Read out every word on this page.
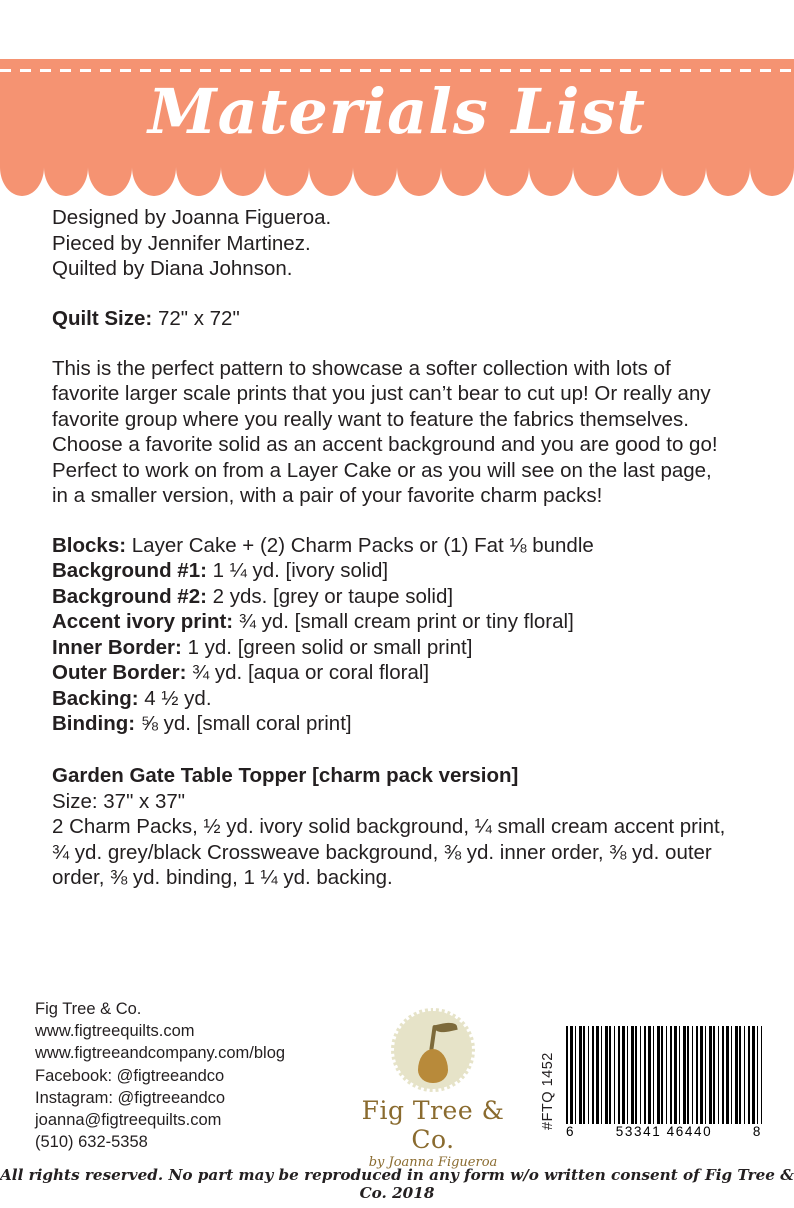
Materials List
Designed by Joanna Figueroa.
Pieced by Jennifer Martinez.
Quilted by Diana Johnson.
Quilt Size: 72" x 72"
This is the perfect pattern to showcase a softer collection with lots of favorite larger scale prints that you just can’t bear to cut up! Or really any favorite group where you really want to feature the fabrics themselves. Choose a favorite solid as an accent background and you are good to go! Perfect to work on from a Layer Cake or as you will see on the last page, in a smaller version, with a pair of your favorite charm packs!
Blocks: Layer Cake + (2) Charm Packs or (1) Fat ⅛ bundle
Background #1: 1 ¼ yd. [ivory solid]
Background #2: 2 yds. [grey or taupe solid]
Accent ivory print: ¾ yd. [small cream print or tiny floral]
Inner Border: 1 yd. [green solid or small print]
Outer Border: ¾ yd. [aqua or coral floral]
Backing: 4 ½ yd.
Binding: ⅝ yd. [small coral print]
Garden Gate Table Topper [charm pack version]
Size: 37" x 37"
2 Charm Packs, ½ yd. ivory solid background, ¼ small cream accent print, ¾ yd. grey/black Crossweave background, ⅜ yd. inner order, ⅜ yd. outer order, ⅜ yd. binding, 1 ¼ yd. backing.
Fig Tree & Co.
www.figtreequilts.com
www.figtreeandcompany.com/blog
Facebook: @figtreeandco
Instagram: @figtreeandco
joanna@figtreequilts.com
(510) 632-5358
Fig Tree & Co.
by Joanna Figueroa
#FTQ 1452
6	53341 46440	8
All rights reserved. No part may be reproduced in any form w/o written consent of Fig Tree & Co. 2018
